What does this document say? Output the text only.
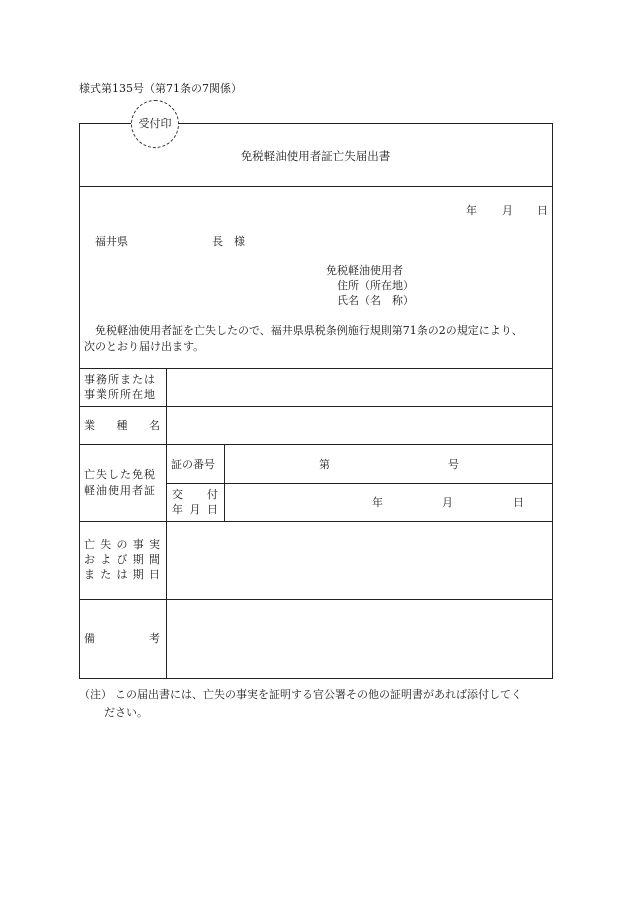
様式第135号（第71条の7関係）
受付印
免税軽油使用者証亡失届出書
年 月 日
福井県	長　様
免税軽油使用者
住所（所在地）
氏名（名　称）
免税軽油使用者証を亡失したので、福井県県税条例施行規則第71条の2の規定により、
次のとおり届け出ます。
事務所または
事業所所在地
業 種 名
亡失した免税
軽油使用者証
証の番号	第	号
交 付
年 月 日
年	月	日
亡 失 の 事 実
お よ び 期 間
ま た は 期 日
備	考
（注） この届出書には、亡失の事実を証明する官公署その他の証明書があれば添付してく
ださい。
